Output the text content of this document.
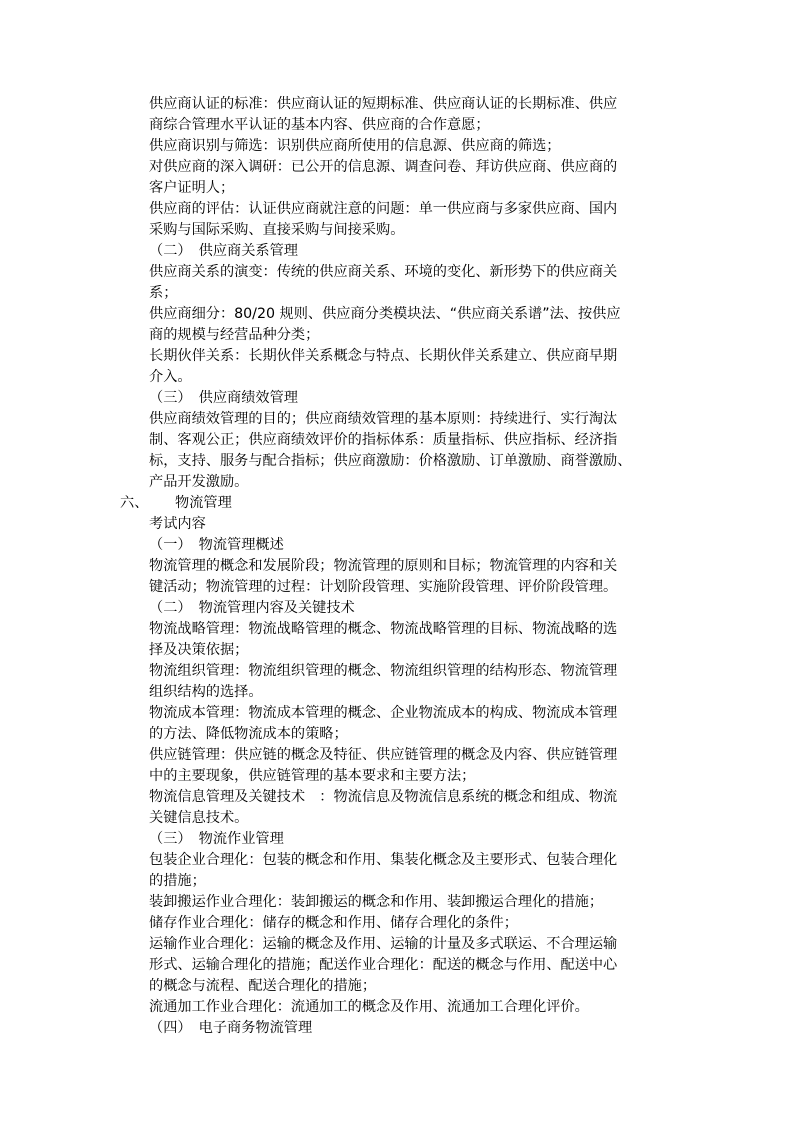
供应商认证的标准：供应商认证的短期标准、供应商认证的长期标准、供应

商综合管理水平认证的基本内容、供应商的合作意愿；

供应商识别与筛选：识别供应商所使用的信息源、供应商的筛选；

对供应商的深入调研：已公开的信息源、调查问卷、拜访供应商、供应商的

客户证明人；

供应商的评估：认证供应商就注意的问题：单一供应商与多家供应商、国内

采购与国际采购、直接采购与间接采购。

（二）　供应商关系管理

供应商关系的演变：传统的供应商关系、环境的变化、新形势下的供应商关

系；

供应商细分：80/20 规则、供应商分类模块法、“供应商关系谱”法、按供应

商的规模与经营品种分类；

长期伙伴关系：长期伙伴关系概念与特点、长期伙伴关系建立、供应商早期

介入。

（三）　供应商绩效管理

供应商绩效管理的目的；供应商绩效管理的基本原则：持续进行、实行淘汰

制、客观公正；供应商绩效评价的指标体系：质量指标、供应指标、经济指

标，支持、服务与配合指标；供应商激励：价格激励、订单激励、商誉激励、

产品开发激励。

六、 物流管理

考试内容

（一）　物流管理概述

物流管理的概念和发展阶段；物流管理的原则和目标；物流管理的内容和关

键活动；物流管理的过程：计划阶段管理、实施阶段管理、评价阶段管理。

（二）　物流管理内容及关键技术

物流战略管理：物流战略管理的概念、物流战略管理的目标、物流战略的选

择及决策依据；

物流组织管理：物流组织管理的概念、物流组织管理的结构形态、物流管理

组织结构的选择。

物流成本管理：物流成本管理的概念、企业物流成本的构成、物流成本管理

的方法、降低物流成本的策略；

供应链管理：供应链的概念及特征、供应链管理的概念及内容、供应链管理

中的主要现象，供应链管理的基本要求和主要方法；

物流信息管理及关键技术　：物流信息及物流信息系统的概念和组成、物流

关键信息技术。

（三）　物流作业管理

包装企业合理化：包装的概念和作用、集装化概念及主要形式、包装合理化

的措施；

装卸搬运作业合理化：装卸搬运的概念和作用、装卸搬运合理化的措施；

储存作业合理化：储存的概念和作用、储存合理化的条件；

运输作业合理化：运输的概念及作用、运输的计量及多式联运、不合理运输

形式、运输合理化的措施；配送作业合理化：配送的概念与作用、配送中心

的概念与流程、配送合理化的措施；

流通加工作业合理化：流通加工的概念及作用、流通加工合理化评价。

（四）　电子商务物流管理
